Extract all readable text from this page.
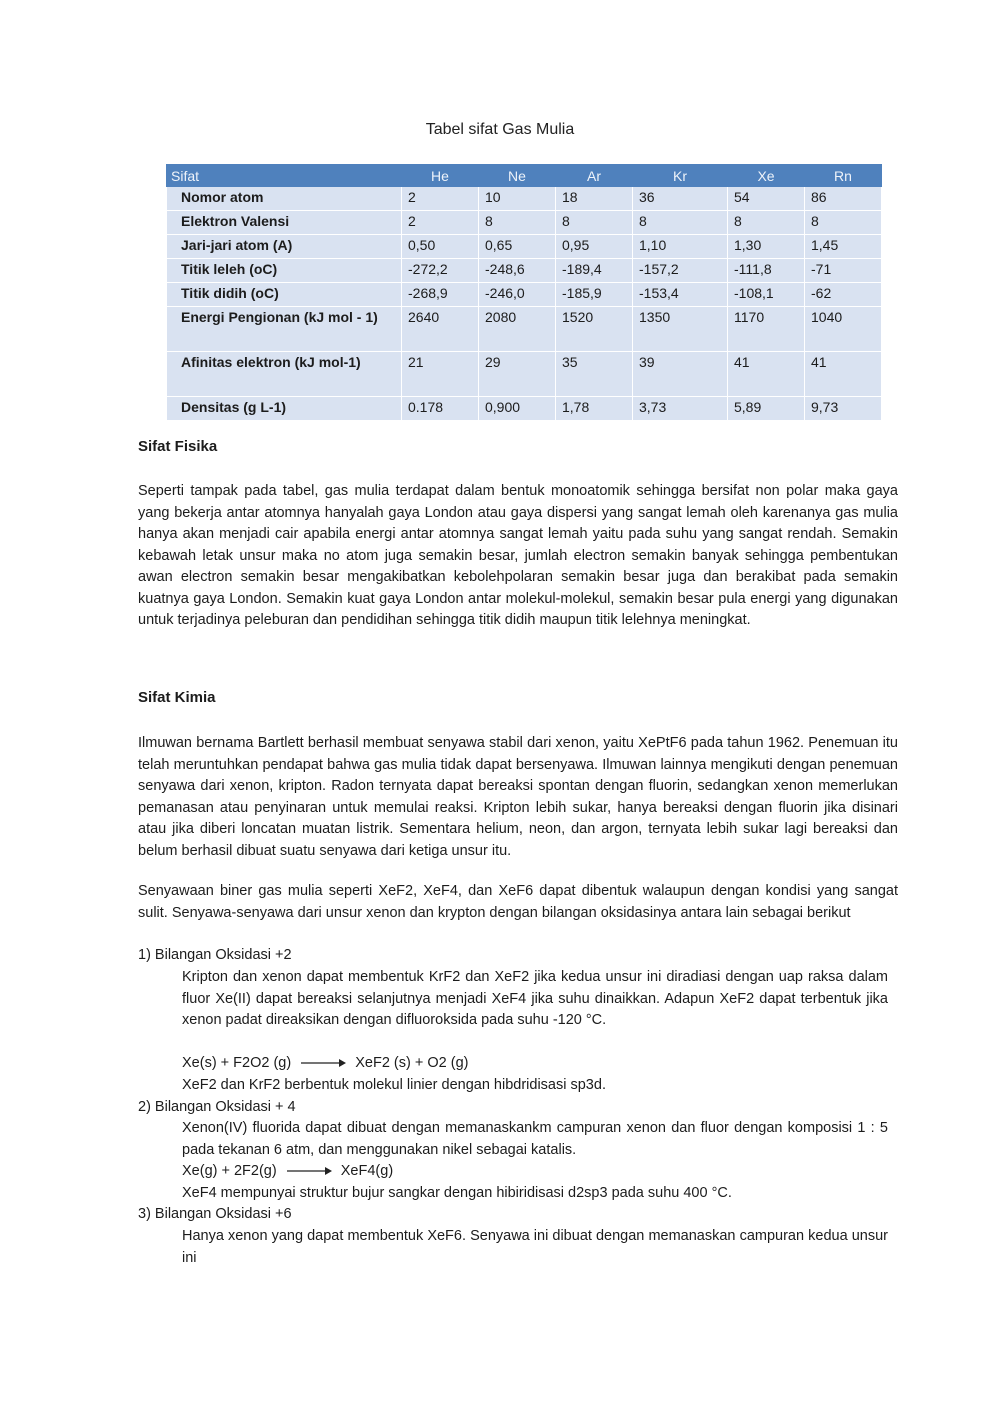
Tabel sifat Gas Mulia
Sifat	He	Ne	Ar	Kr	Xe	Rn
Nomor atom	2	10	18	36	54	86
Elektron Valensi	2	8	8	8	8	8
Jari-jari atom (A)	0,50	0,65	0,95	1,10	1,30	1,45
Titik leleh (oC)	-272,2	-248,6	-189,4	-157,2	-111,8	-71
Titik didih (oC)	-268,9	-246,0	-185,9	-153,4	-108,1	-62
Energi Pengionan (kJ mol - 1)	2640	2080	1520	1350	1170	1040
Afinitas elektron (kJ mol-1)	21	29	35	39	41	41
Densitas (g L-1)	0.178	0,900	1,78	3,73	5,89	9,73
Sifat Fisika
Seperti tampak pada tabel, gas mulia terdapat dalam bentuk monoatomik sehingga bersifat non polar maka gaya yang bekerja antar atomnya hanyalah gaya London atau gaya dispersi yang sangat lemah oleh karenanya gas mulia hanya akan menjadi cair apabila energi antar atomnya sangat lemah yaitu pada suhu yang sangat rendah. Semakin kebawah letak unsur maka no atom juga semakin besar, jumlah electron semakin banyak sehingga pembentukan awan electron semakin besar mengakibatkan kebolehpolaran semakin besar juga dan berakibat pada semakin kuatnya gaya London. Semakin kuat gaya London antar molekul-molekul, semakin besar pula energi yang digunakan untuk terjadinya peleburan dan pendidihan sehingga titik didih maupun titik lelehnya meningkat.
Sifat Kimia
Ilmuwan bernama Bartlett berhasil membuat senyawa stabil dari xenon, yaitu XePtF6 pada tahun 1962. Penemuan itu telah meruntuhkan pendapat bahwa gas mulia tidak dapat bersenyawa. Ilmuwan lainnya mengikuti dengan penemuan senyawa dari xenon, kripton. Radon ternyata dapat bereaksi spontan dengan fluorin, sedangkan xenon memerlukan pemanasan atau penyinaran untuk memulai reaksi. Kripton lebih sukar, hanya bereaksi dengan fluorin jika disinari atau jika diberi loncatan muatan listrik. Sementara helium, neon, dan argon, ternyata lebih sukar lagi bereaksi dan belum berhasil dibuat suatu senyawa dari ketiga unsur itu.
Senyawaan biner gas mulia seperti XeF2, XeF4, dan XeF6 dapat dibentuk walaupun dengan kondisi yang sangat sulit. Senyawa-senyawa dari unsur xenon dan krypton dengan bilangan oksidasinya antara lain sebagai berikut
1) Bilangan Oksidasi +2
Kripton dan xenon dapat membentuk KrF2 dan XeF2 jika kedua unsur ini diradiasi dengan uap raksa dalam fluor Xe(II) dapat bereaksi selanjutnya menjadi XeF4 jika suhu dinaikkan. Adapun XeF2 dapat terbentuk jika xenon padat direaksikan dengan difluoroksida pada suhu -120 °C.
Xe(s) + F2O2 (g) → XeF2 (s) + O2 (g)
XeF2 dan KrF2 berbentuk molekul linier dengan hibdridisasi sp3d.
2) Bilangan Oksidasi + 4
Xenon(IV) fluorida dapat dibuat dengan memanaskankm campuran xenon dan fluor dengan komposisi 1 : 5 pada tekanan 6 atm, dan menggunakan nikel sebagai katalis.
Xe(g) + 2F2(g) → XeF4(g)
XeF4 mempunyai struktur bujur sangkar dengan hibiridisasi d2sp3 pada suhu 400 °C.
3) Bilangan Oksidasi +6
Hanya xenon yang dapat membentuk XeF6. Senyawa ini dibuat dengan memanaskan campuran kedua unsur ini
